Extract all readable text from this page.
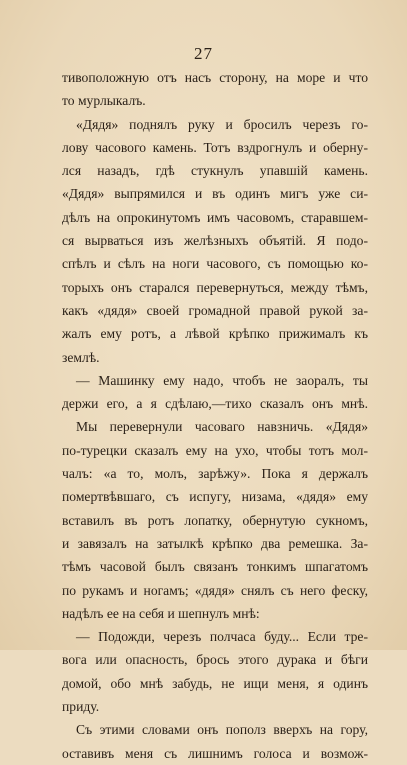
27
тивоположную отъ насъ сторону, на море и что
то мурлыкалъ.
«Дядя» поднялъ руку и бросилъ черезъ го-
лову часового камень. Тотъ вздрогнулъ и оберну-
лся назадъ, гдѣ стукнулъ упавшiй камень.
«Дядя» выпрямился и въ одинъ мигъ уже си-
дѣлъ на опрокинутомъ имъ часовомъ, старавшем-
ся вырваться изъ желѣзныхъ объятiй. Я подо-
спѣлъ и сѣлъ на ноги часового, съ помощью ко-
торыхъ онъ старался перевернуться, между тѣмъ,
какъ «дядя» своей громадной правой рукой за-
жалъ ему ротъ, а лѣвой крѣпко прижималъ къ
землѣ.
— Машинку ему надо, чтобъ не заоралъ, ты
держи его, а я сдѣлаю,—тихо сказалъ онъ мнѣ.
Мы перевернули часоваго навзничь. «Дядя»
по-турецки сказалъ ему на ухо, чтобы тотъ мол-
чалъ: «а то, молъ, зарѣжу». Пока я держалъ
помертвѣвшаго, съ испугу, низама, «дядя» ему
вставилъ въ ротъ лопатку, обернутую сукномъ,
и завязалъ на затылкѣ крѣпко два ремешка. За-
тѣмъ часовой былъ связанъ тонкимъ шпагатомъ
по рукамъ и ногамъ; «дядя» снялъ съ него феску,
надѣлъ ее на себя и шепнулъ мнѣ:
— Подожди, черезъ полчаса буду... Если тре-
вога или опасность, брось этого дурака и бѣги
домой, обо мнѣ забудь, не ищи меня, я одинъ
приду.
Съ этими словами онъ пополз вверхъ на гору,
оставивъ меня съ лишнимъ голоса и возмож-
